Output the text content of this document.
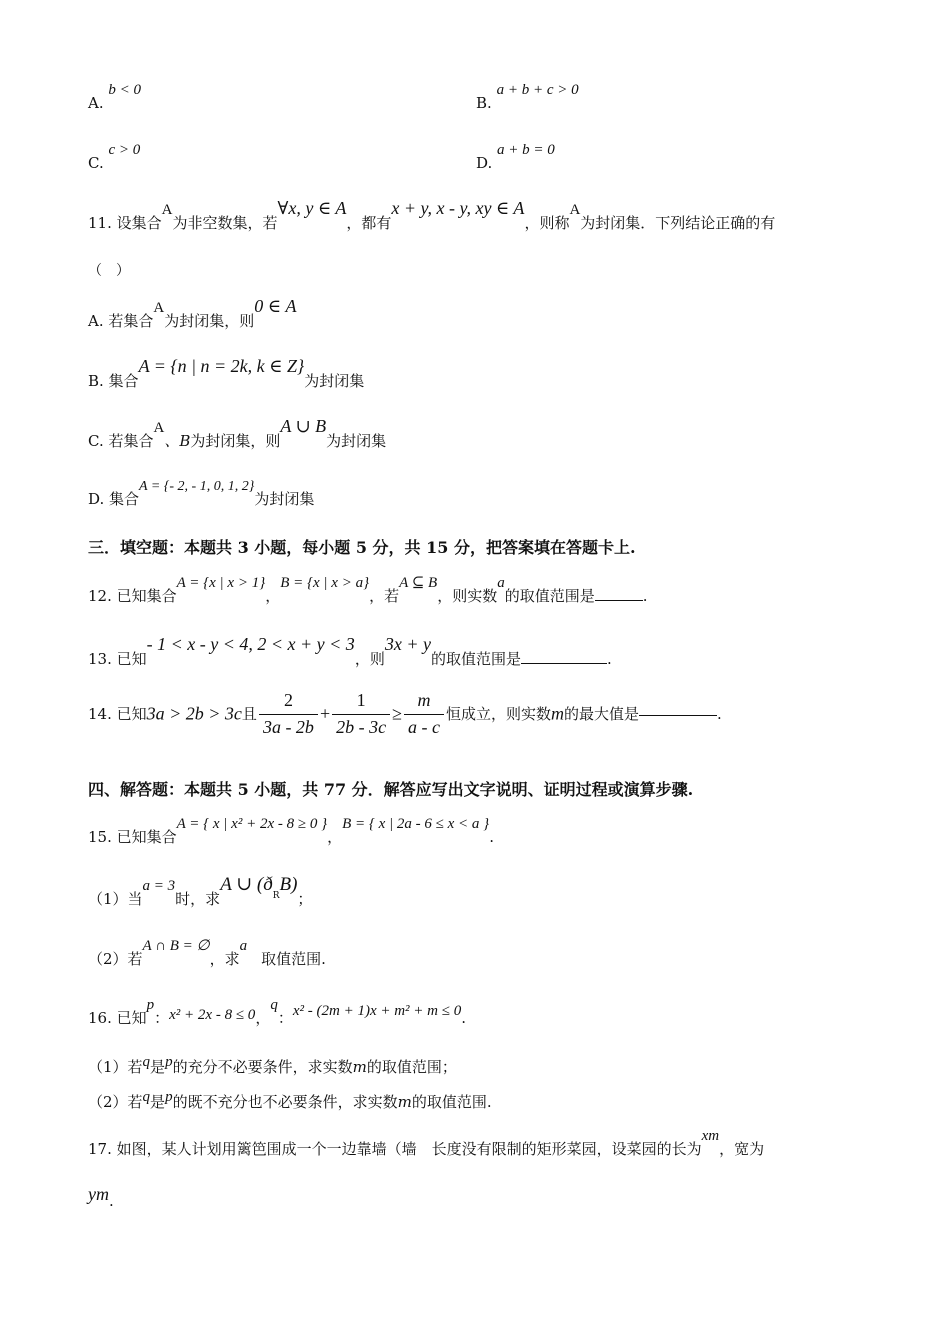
A. b < 0
B. a + b + c > 0
C. c > 0
D. a + b = 0
11. 设集合A为非空数集，若∀x, y ∈ A，都有x + y, x - y, xy ∈ A，则称A为封闭集．下列结论正确的有
（　）
A. 若集合A为封闭集，则0 ∈ A
B. 集合A = {n | n = 2k, k ∈ Z}为封闭集
C. 若集合A、B为封闭集，则A ∪ B为封闭集
D. 集合A = {- 2, - 1, 0, 1, 2}为封闭集
三．填空题：本题共 3 小题，每小题 5 分，共 15 分，把答案填在答题卡上.
12. 已知集合A = {x | x > 1}，B = {x | x > a}，若A ⊆ B，则实数a的取值范围是	.
13. 已知- 1 < x - y < 4, 2 < x + y < 3，则3x + y的取值范围是	.
14. 已知3a > 2b > 3c且 $\frac{2}{3a - 2b} + \frac{1}{2b - 3c} \ge \frac{m}{a - c}$ 恒成立，则实数m的最大值是	.
四、解答题：本题共 5 小题，共 77 分．解答应写出文字说明、证明过程或演算步骤.
15. 已知集合A = { x | x² + 2x - 8 ≥ 0 }，B = { x | 2a - 6 ≤ x < a }.
（1）当a = 3时，求A ∪ $(ð^RB)$；
（2）若A ∩ B = ∅，求a取值范围.
16. 已知p：x² + 2x - 8 ≤ 0，q：x² - (2m + 1)x + m² + m ≤ 0.
（1）若q是p的充分不必要条件，求实数m的取值范围；
（2）若q是p的既不充分也不必要条件，求实数m的取值范围.
17. 如图，某人计划用篱笆围成一个一边靠墙（墙　长度没有限制的矩形菜园，设菜园的长为xm，宽为
ym.
